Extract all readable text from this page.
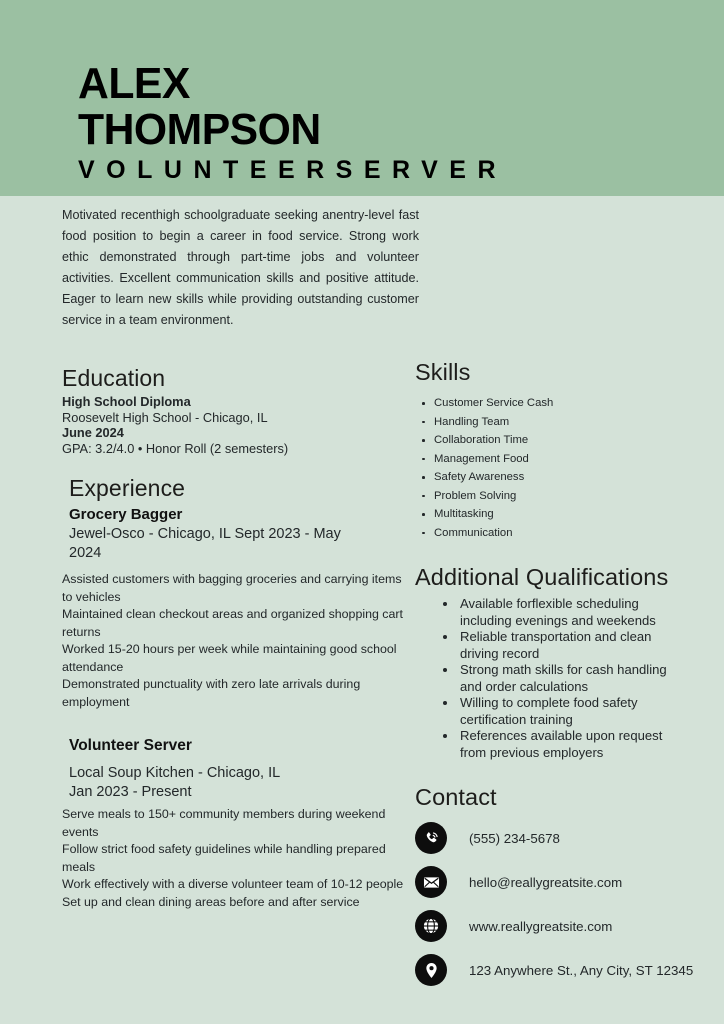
ALEX
THOMPSON
VOLUNTEERSERVER
Motivated recenthigh schoolgraduate seeking anentry-level fast food position to begin a career in food service. Strong work ethic demonstrated through part-time jobs and volunteer activities. Excellent communication skills and positive attitude. Eager to learn new skills while providing outstanding customer service in a team environment.
Education
High School Diploma
Roosevelt High School - Chicago, IL
June 2024
GPA: 3.2/4.0 • Honor Roll (2 semesters)
Experience
Grocery Bagger
Jewel-Osco - Chicago, IL Sept 2023 - May 2024
Assisted customers with bagging groceries and carrying items to vehicles
Maintained clean checkout areas and organized shopping cart returns
Worked 15-20 hours per week while maintaining good school attendance
Demonstrated punctuality with zero late arrivals during employment
Volunteer Server
Local Soup Kitchen - Chicago, IL
Jan 2023 - Present
Serve meals to 150+ community members during weekend events
Follow strict food safety guidelines while handling prepared meals
Work effectively with a diverse volunteer team of 10-12 people
Set up and clean dining areas before and after service
Skills
Customer Service Cash
Handling Team
Collaboration Time
Management Food
Safety Awareness
Problem Solving
Multitasking
Communication
Additional Qualifications
Available forflexible scheduling including evenings and weekends
Reliable transportation and clean driving record
Strong math skills for cash handling and order calculations
Willing to complete food safety certification training
References available upon request from previous employers
Contact
(555) 234-5678
hello@reallygreatsite.com
www.reallygreatsite.com
123 Anywhere St., Any City, ST 12345
